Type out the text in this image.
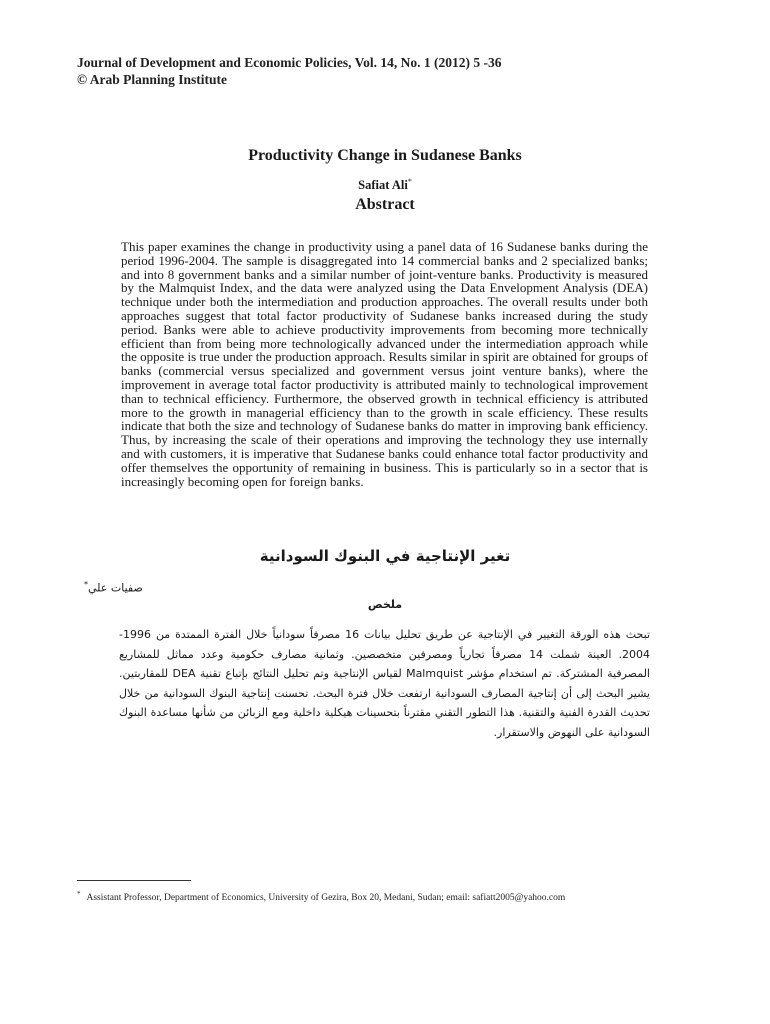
Journal of Development and Economic Policies, Vol. 14, No. 1 (2012) 5 -36
© Arab Planning Institute
Productivity Change in Sudanese Banks
Safiat Ali*
Abstract
This paper examines the change in productivity using a panel data of 16 Sudanese banks during the period 1996-2004. The sample is disaggregated into 14 commercial banks and 2 specialized banks; and into 8 government banks and a similar number of joint-venture banks. Productivity is measured by the Malmquist Index, and the data were analyzed using the Data Envelopment Analysis (DEA) technique under both the intermediation and production approaches. The overall results under both approaches suggest that total factor productivity of Sudanese banks increased during the study period. Banks were able to achieve productivity improvements from becoming more technically efficient than from being more technologically advanced under the intermediation approach while the opposite is true under the production approach. Results similar in spirit are obtained for groups of banks (commercial versus specialized and government versus joint venture banks), where the improvement in average total factor productivity is attributed mainly to technological improvement than to technical efficiency. Furthermore, the observed growth in technical efficiency is attributed more to the growth in managerial efficiency than to the growth in scale efficiency. These results indicate that both the size and technology of Sudanese banks do matter in improving bank efficiency. Thus, by increasing the scale of their operations and improving the technology they use internally and with customers, it is imperative that Sudanese banks could enhance total factor productivity and offer themselves the opportunity of remaining in business. This is particularly so in a sector that is increasingly becoming open for foreign banks.
تغير الإنتاجية في البنوك السودانية
صفيات علي*
ملخص
تبحث هذه الورقة التغيير في الإنتاجية عن طريق تحليل بيانات 16 مصرفاً سودانياً خلال الفترة الممتدة من 1996-2004. العينة شملت 14 مصرفاً تجارياً ومصرفين متخصصين. وثمانية مصارف حكومية وعدد مماثل للمشاريع المصرفية المشتركة. تم استخدام مؤشر Malmquist لقياس الإنتاجية وتم تحليل النتائج بإتباع تقنية DEA للمقاربتين. يشير البحث إلى أن إنتاجية المصارف السودانية ارتفعت خلال فترة البحث. تحسنت إنتاجية البنوك السودانية من خلال تحديث القدرة الفنية والتقنية. هذا التطور التقني مقترناً بتحسينات هيكلية داخلية ومع الزبائن من شأنها مساعدة البنوك السودانية على النهوض والاستقرار.
* Assistant Professor, Department of Economics, University of Gezira, Box 20, Medani, Sudan; email: safiatt2005@yahoo.com
